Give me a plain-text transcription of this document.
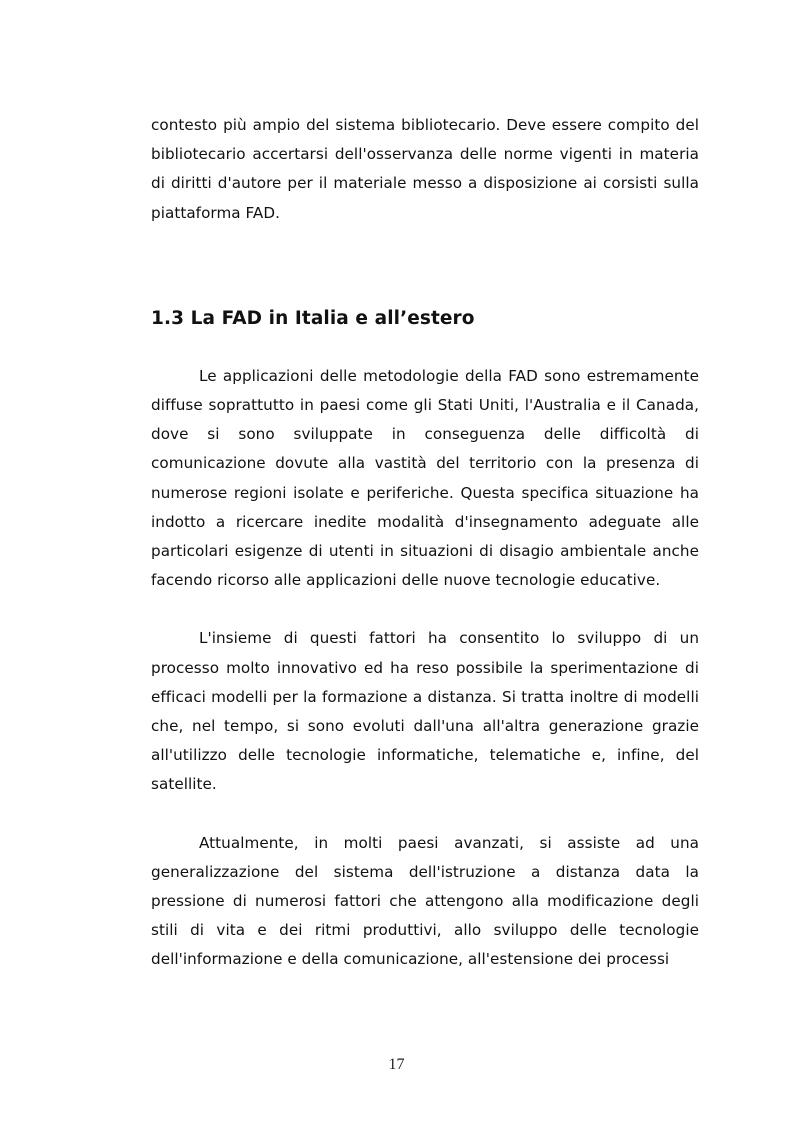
contesto più ampio del sistema bibliotecario. Deve essere compito del bibliotecario accertarsi dell'osservanza delle norme vigenti in materia di diritti d'autore per il materiale messo a disposizione ai corsisti sulla piattaforma FAD.

1.3 La FAD in Italia e all’estero

Le applicazioni delle metodologie della FAD sono estremamente diffuse soprattutto in paesi come gli Stati Uniti, l'Australia e il Canada, dove si sono sviluppate in conseguenza delle difficoltà di comunicazione dovute alla vastità del territorio con la presenza di numerose regioni isolate e periferiche. Questa specifica situazione ha indotto a ricercare inedite modalità d'insegnamento adeguate alle particolari esigenze di utenti in situazioni di disagio ambientale anche facendo ricorso alle applicazioni delle nuove tecnologie educative.

L'insieme di questi fattori ha consentito lo sviluppo di un processo molto innovativo ed ha reso possibile la sperimentazione di efficaci modelli per la formazione a distanza. Si tratta inoltre di modelli che, nel tempo, si sono evoluti dall'una all'altra generazione grazie all'utilizzo delle tecnologie informatiche, telematiche e, infine, del satellite.

Attualmente, in molti paesi avanzati, si assiste ad una generalizzazione del sistema dell'istruzione a distanza data la pressione di numerosi fattori che attengono alla modificazione degli stili di vita e dei ritmi produttivi, allo sviluppo delle tecnologie dell'informazione e della comunicazione, all'estensione dei processi

17
